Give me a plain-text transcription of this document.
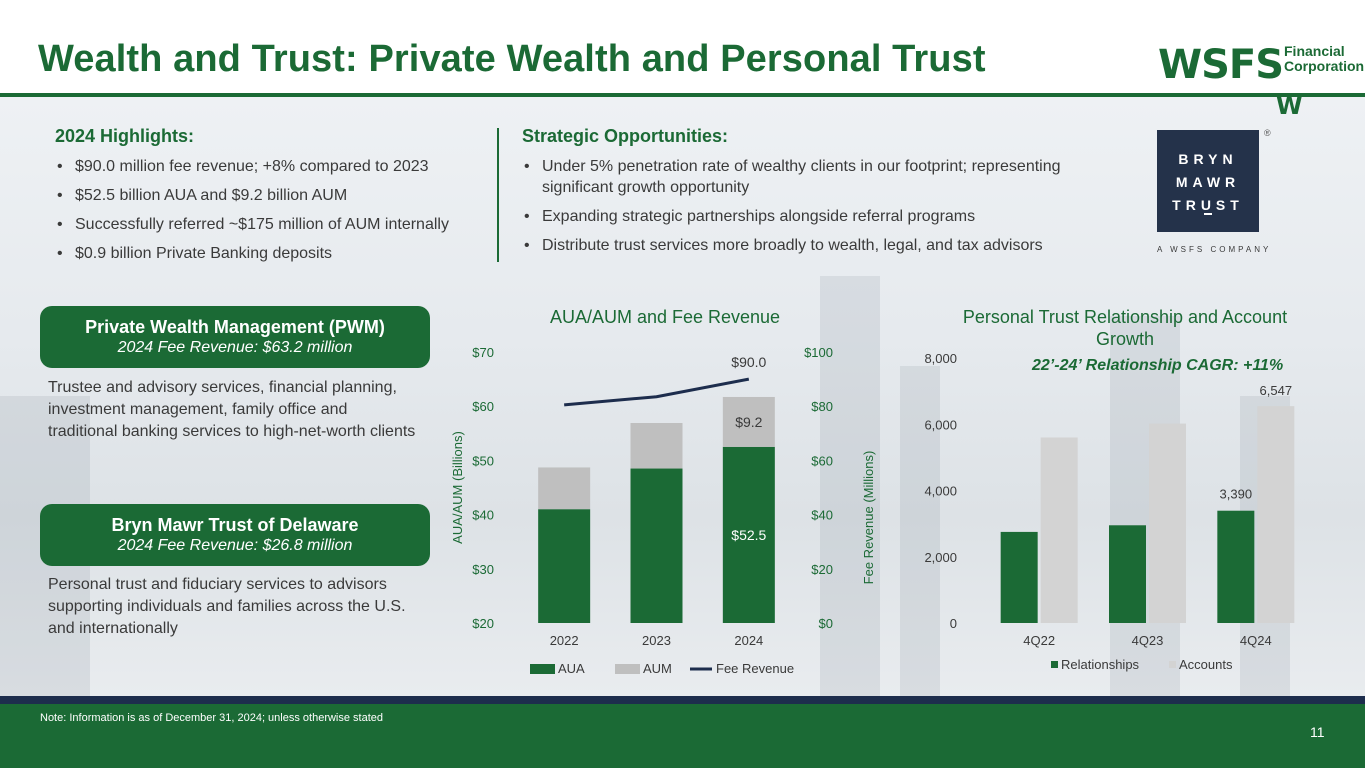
Wealth and Trust: Private Wealth and Personal Trust	WSFS Financial
Corporation
W
BRYN
MAWR
TRUST
®
A WSFS COMPANY
2024 Highlights:
• $90.0 million fee revenue; +8% compared to 2023
• $52.5 billion AUA and $9.2 billion AUM
• Successfully referred ~$175 million of AUM internally
• $0.9 billion Private Banking deposits
Strategic Opportunities:
• Under 5% penetration rate of wealthy clients in our footprint; representing significant growth opportunity
• Expanding strategic partnerships alongside referral programs
• Distribute trust services more broadly to wealth, legal, and tax advisors
Private Wealth Management (PWM)
2024 Fee Revenue: $63.2 million
Trustee and advisory services, financial planning, investment management, family office and traditional banking services to high-net-worth clients
Bryn Mawr Trust of Delaware
2024 Fee Revenue: $26.8 million
Personal trust and fiduciary services to advisors supporting individuals and families across the U.S. and internationally
AUA/AUM and Fee Revenue
$20
$30
$40
$50
$60
$70
$0
$20
$40
$60
$80
$100
AUA/AUM (Billions)	Fee Revenue (Millions)
2022	2023	2024
$52.5
$9.2
$90.0
AUA	AUM	Fee Revenue
Personal Trust Relationship and Account Growth
22’-24’ Relationship CAGR: +11%
0
2,000
4,000
6,000
8,000
4Q22	4Q23	4Q24
3,390
6,547
Relationships	Accounts
Note: Information is as of December 31, 2024; unless otherwise stated
11
